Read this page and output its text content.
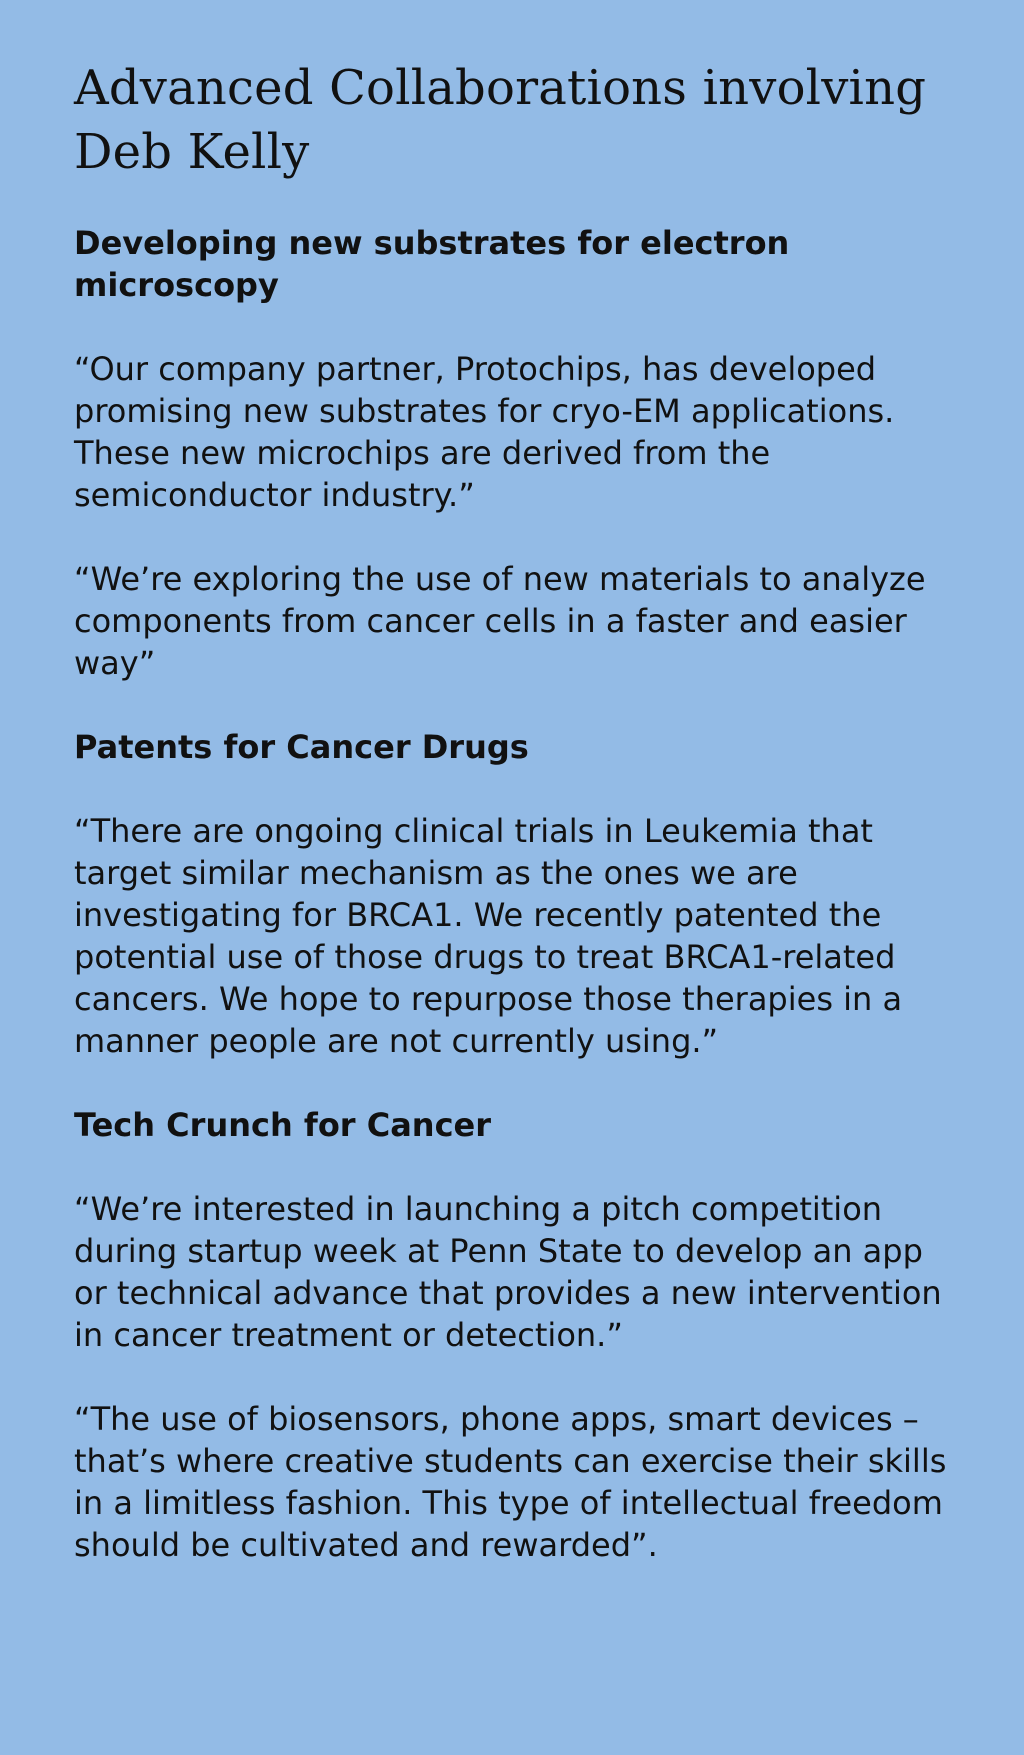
Advanced Collaborations involving Deb Kelly
Developing new substrates for electron microscopy

“Our company partner, Protochips, has developed promising new substrates for cryo-EM applications. These new microchips are derived from the semiconductor industry.”

“We’re exploring the use of new materials to analyze components from cancer cells in a faster and easier way”

Patents for Cancer Drugs

“There are ongoing clinical trials in Leukemia that target similar mechanism as the ones we are investigating for BRCA1. We recently patented the potential use of those drugs to treat BRCA1-related cancers. We hope to repurpose those therapies in a manner people are not currently using.”

Tech Crunch for Cancer

“We’re interested in launching a pitch competition during startup week at Penn State to develop an app or technical advance that provides a new intervention in cancer treatment or detection.”

“The use of biosensors, phone apps, smart devices – that’s where creative students can exercise their skills in a limitless fashion. This type of intellectual freedom should be cultivated and rewarded”.
